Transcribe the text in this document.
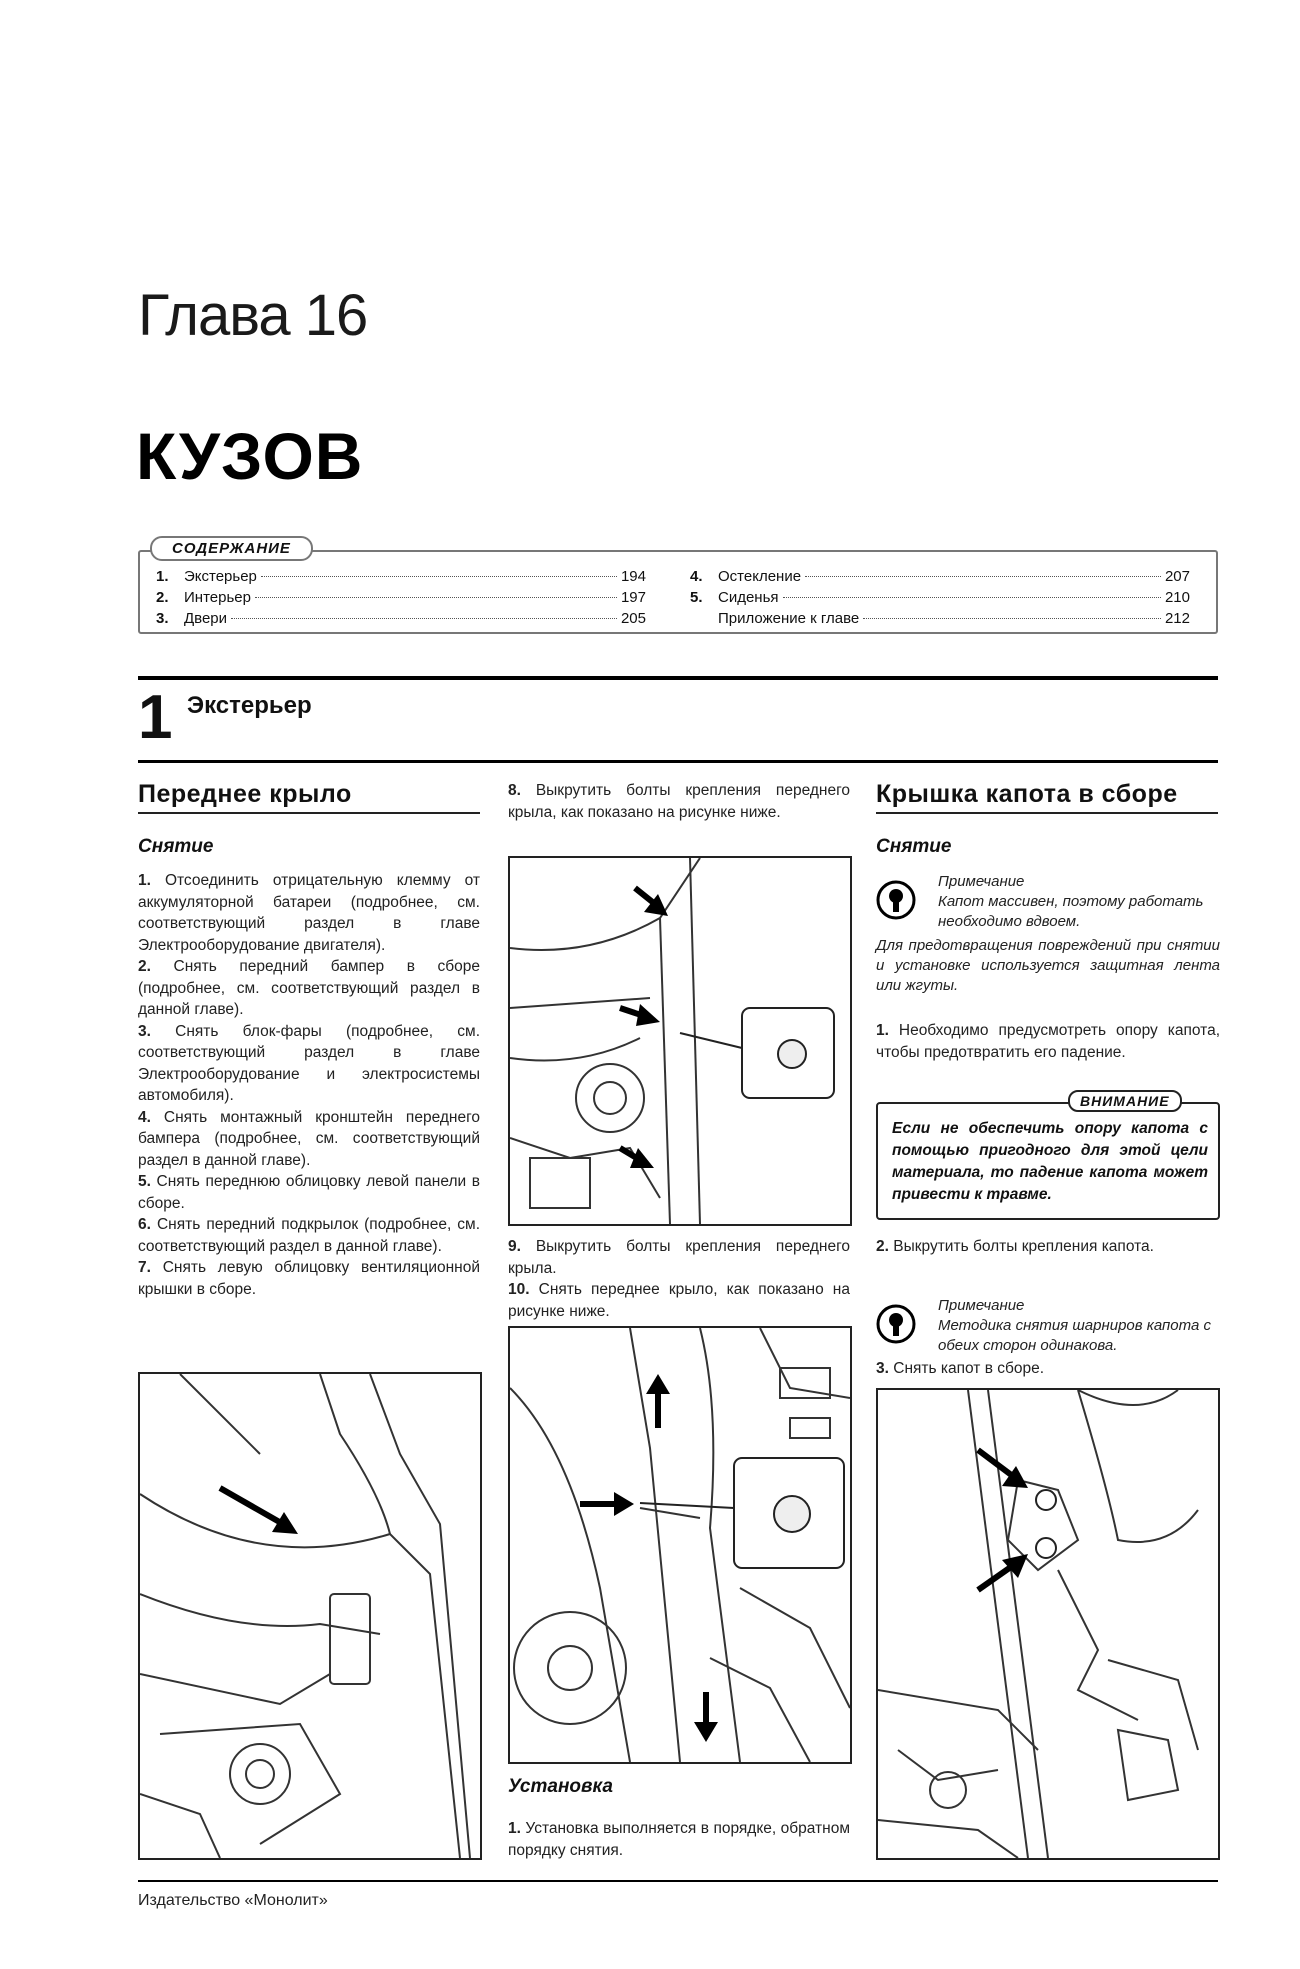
Глава 16
КУЗОВ
1.	Экстерьер	194
2.	Интерьер	197
3.	Двери	205
4.	Остекление	207
5.	Сиденья	210
Приложение к главе	212
СОДЕРЖАНИЕ
1 Экстерьер
Переднее крыло
Снятие

1. Отсоединить отрицательную клемму от аккумуляторной батареи (подробнее, см. соответствующий раздел в главе Электрооборудование двигателя).

2. Снять передний бампер в сборе (подробнее, см. соответствующий раздел в данной главе).

3. Снять блок-фары (подробнее, см. соответствующий раздел в главе Электрооборудование и электросистемы автомобиля).

4. Снять монтажный кронштейн переднего бампера (подробнее, см. соответствующий раздел в данной главе).

5. Снять переднюю облицовку левой панели в сборе.

6. Снять передний подкрылок (подробнее, см. соответствующий раздел в данной главе).

7. Снять левую облицовку вентиляционной крышки в сборе.

8. Выкрутить болты крепления переднего крыла, как показано на рисунке ниже.

9. Выкрутить болты крепления переднего крыла.

10. Снять переднее крыло, как показано на рисунке ниже.

Установка

1. Установка выполняется в порядке, обратном порядку снятия.

Крышка капота в сборе
Снятие
Примечание
Капот массивен, поэтому работать необходимо вдвоем.
Для предотвращения повреждений при снятии и установке используется защитная лента или жгуты.

1. Необходимо предусмотреть опору капота, чтобы предотвратить его падение.

Если не обеспечить опору капота с помощью пригодного для этой цели материала, то падение капота может привести к травме.
ВНИМАНИЕ

2. Выкрутить болты крепления капота.

Примечание
Методика снятия шарниров капота с обеих сторон одинакова.

3. Снять капот в сборе.

Издательство «Монолит»
